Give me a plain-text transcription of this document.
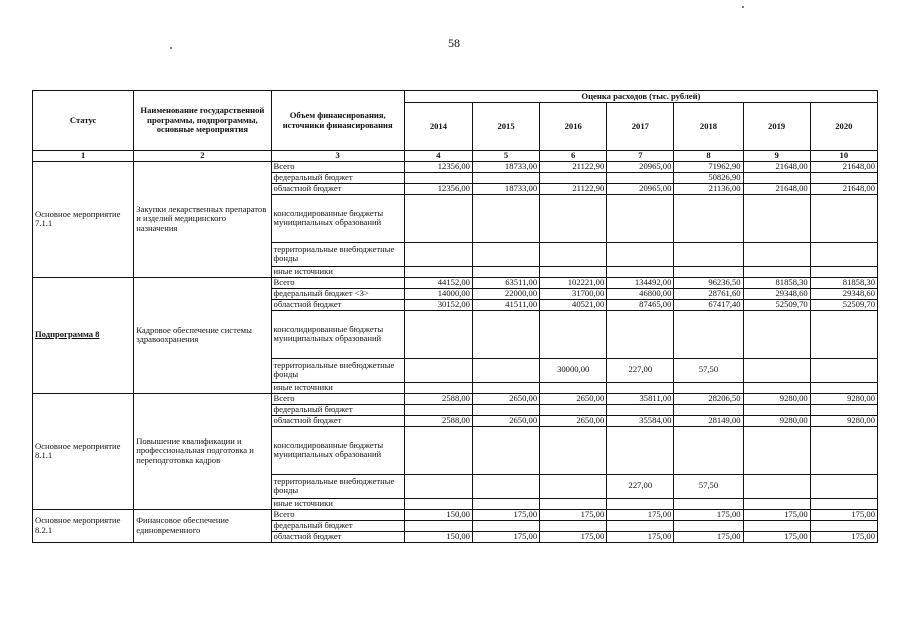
58
Статус	Наименование государственной программы, подпрограммы, основные мероприятия	Объем финансирования, источники финансирования	Оценка расходов (тыс. рублей)						
			2014	2015	2016	2017	2018	2019	2020
1	2	3	4	5	6	7	8	9	10
Основное мероприятие 7.1.1	Закупки лекарственных препаратов и изделий медицинского назначения	Всего	12356,00	18733,00	21122,90	20965,00	71962,90	21648,00	21648,00
		федеральный бюджет					50826,90		
		областной бюджет	12356,00	18733,00	21122,90	20965,00	21136,00	21648,00	21648,00
		консолидированные бюджеты муниципальных образований							
		территориальные внебюджетные фонды							
		иные источники							
Подпрограмма 8	Кадровое обеспечение системы здравоохранения	Всего	44152,00	63511,00	102221,00	134492,00	96236,50	81858,30	81858,30
		федеральный бюджет <3>	14000,00	22000,00	31700,00	46800,00	28761,60	29348,60	29348,60
		областной бюджет	30152,00	41511,00	40521,00	87465,00	67417,40	52509,70	52509,70
		консолидированные бюджеты муниципальных образований							
		территориальные внебюджетные фонды			30000,00	227,00	57,50		
		иные источники							
Основное мероприятие 8.1.1	Повышение квалификации и профессиональная подготовка и переподготовка кадров	Всего	2588,00	2650,00	2650,00	35811,00	28206,50	9280,00	9280,00
		федеральный бюджет							
		областной бюджет	2588,00	2650,00	2650,00	35584,00	28149,00	9280,00	9280,00
		консолидированные бюджеты муниципальных образований							
		территориальные внебюджетные фонды				227,00	57,50		
		иные источники							
Основное мероприятие 8.2.1	Финансовое обеспечение единовременного	Всего	150,00	175,00	175,00	175,00	175,00	175,00	175,00
		федеральный бюджет							
		областной бюджет	150,00	175,00	175,00	175,00	175,00	175,00	175,00
